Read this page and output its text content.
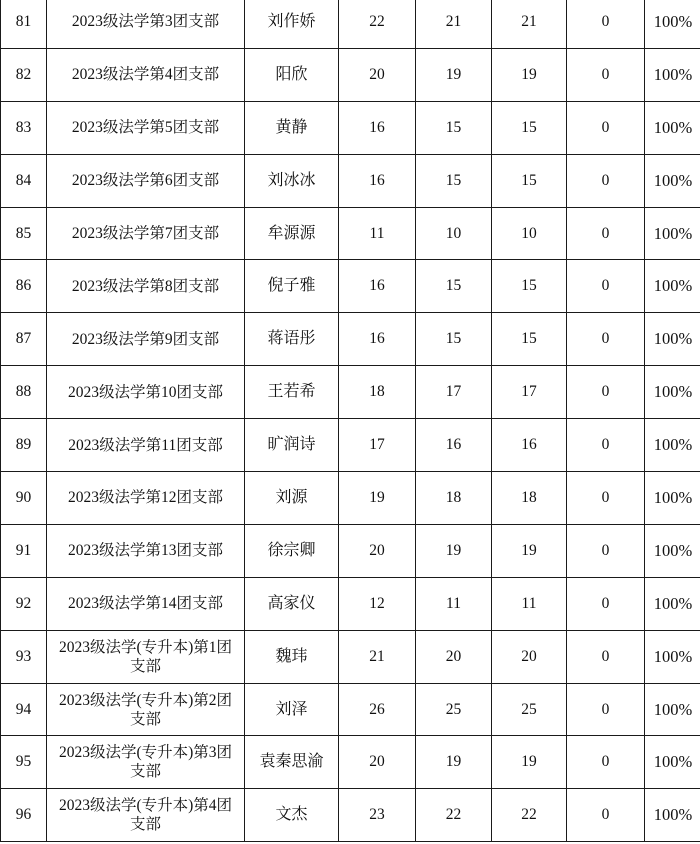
81	2023级法学第3团支部	刘作娇	22	21	21	0	100%
82	2023级法学第4团支部	阳欣	20	19	19	0	100%
83	2023级法学第5团支部	黄静	16	15	15	0	100%
84	2023级法学第6团支部	刘冰冰	16	15	15	0	100%
85	2023级法学第7团支部	牟源源	11	10	10	0	100%
86	2023级法学第8团支部	倪子雅	16	15	15	0	100%
87	2023级法学第9团支部	蒋语彤	16	15	15	0	100%
88	2023级法学第10团支部	王若希	18	17	17	0	100%
89	2023级法学第11团支部	旷润诗	17	16	16	0	100%
90	2023级法学第12团支部	刘源	19	18	18	0	100%
91	2023级法学第13团支部	徐宗卿	20	19	19	0	100%
92	2023级法学第14团支部	高家仪	12	11	11	0	100%
93	2023级法学(专升本)第1团支部	魏玮	21	20	20	0	100%
94	2023级法学(专升本)第2团支部	刘泽	26	25	25	0	100%
95	2023级法学(专升本)第3团支部	袁秦思渝	20	19	19	0	100%
96	2023级法学(专升本)第4团支部	文杰	23	22	22	0	100%
